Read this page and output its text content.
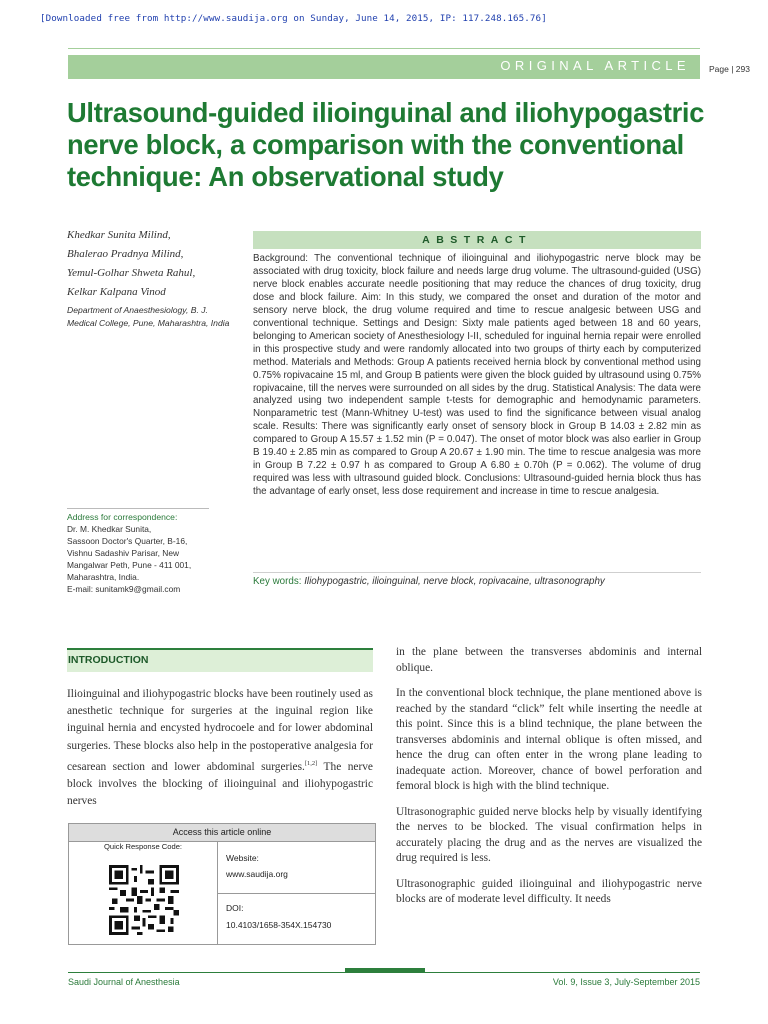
[Downloaded free from http://www.saudija.org on Sunday, June 14, 2015, IP: 117.248.165.76]
ORIGINAL ARTICLE Page | 293
Ultrasound-guided ilioinguinal and iliohypogastric nerve block, a comparison with the conventional technique: An observational study
Khedkar Sunita Milind,
Bhalerao Pradnya Milind,
Yemul-Golhar Shweta Rahul,
Kelkar Kalpana Vinod
Department of Anaesthesiology, B. J. Medical College, Pune, Maharashtra, India
ABSTRACT
Background: The conventional technique of ilioinguinal and iliohypogastric nerve block may be associated with drug toxicity, block failure and needs large drug volume. The ultrasound-guided (USG) nerve block enables accurate needle positioning that may reduce the chances of drug toxicity, drug dose and block failure. Aim: In this study, we compared the onset and duration of the motor and sensory nerve block, the drug volume required and time to rescue analgesic between USG and conventional technique. Settings and Design: Sixty male patients aged between 18 and 60 years, belonging to American society of Anesthesiology I-II, scheduled for inguinal hernia repair were enrolled in this prospective study and were randomly allocated into two groups of thirty each by computerized method. Materials and Methods: Group A patients received hernia block by conventional method using 0.75% ropivacaine 15 ml, and Group B patients were given the block guided by ultrasound using 0.75% ropivacaine, till the nerves were surrounded on all sides by the drug. Statistical Analysis: The data were analyzed using two independent sample t-tests for demographic and hemodynamic parameters. Nonparametric test (Mann-Whitney U-test) was used to find the significance between visual analog scale. Results: There was significantly early onset of sensory block in Group B 14.03 ± 2.82 min as compared to Group A 15.57 ± 1.52 min (P = 0.047). The onset of motor block was also earlier in Group B 19.40 ± 2.85 min as compared to Group A 20.67 ± 1.90 min. The time to rescue analgesia was more in Group B 7.22 ± 0.97 h as compared to Group A 6.80 ± 0.70h (P = 0.062). The volume of drug required was less with ultrasound guided block. Conclusions: Ultrasound-guided hernia block thus has the advantage of early onset, less dose requirement and increase in time to rescue analgesia.
Key words: Iliohypogastric, ilioinguinal, nerve block, ropivacaine, ultrasonography
Address for correspondence:
Dr. M. Khedkar Sunita,
Sassoon Doctor's Quarter, B-16,
Vishnu Sadashiv Parisar, New
Mangalwar Peth, Pune - 411 001,
Maharashtra, India.
E-mail: sunitamk9@gmail.com
INTRODUCTION

Ilioinguinal and iliohypogastric blocks have been routinely used as anesthetic technique for surgeries at the inguinal region like inguinal hernia and encysted hydrocoele and for lower abdominal surgeries. These blocks also help in the postoperative analgesia for cesarean section and lower abdominal surgeries.[1,2] The nerve block involves the blocking of ilioinguinal and iliohypogastric nerves

in the plane between the transverses abdominis and internal oblique.

In the conventional block technique, the plane mentioned above is reached by the standard “click” felt while inserting the needle at this point. Since this is a blind technique, the plane between the transverses abdominis and internal oblique is often missed, and hence the drug can often enter in the wrong plane leading to inadequate action. Moreover, chance of bowel perforation and femoral block is high with the blind technique.

Ultrasonographic guided nerve blocks help by visually identifying the nerves to be blocked. The visual confirmation helps in accurately placing the drug and as the nerves are visualized the drug required is less.

Ultrasonographic guided ilioinguinal and iliohypogastric nerve blocks are of moderate level difficulty. It needs

Access this article online
Quick Response Code:
Website:
www.saudija.org
DOI:
10.4103/1658-354X.154730
Saudi Journal of Anesthesia	Vol. 9, Issue 3, July-September 2015
